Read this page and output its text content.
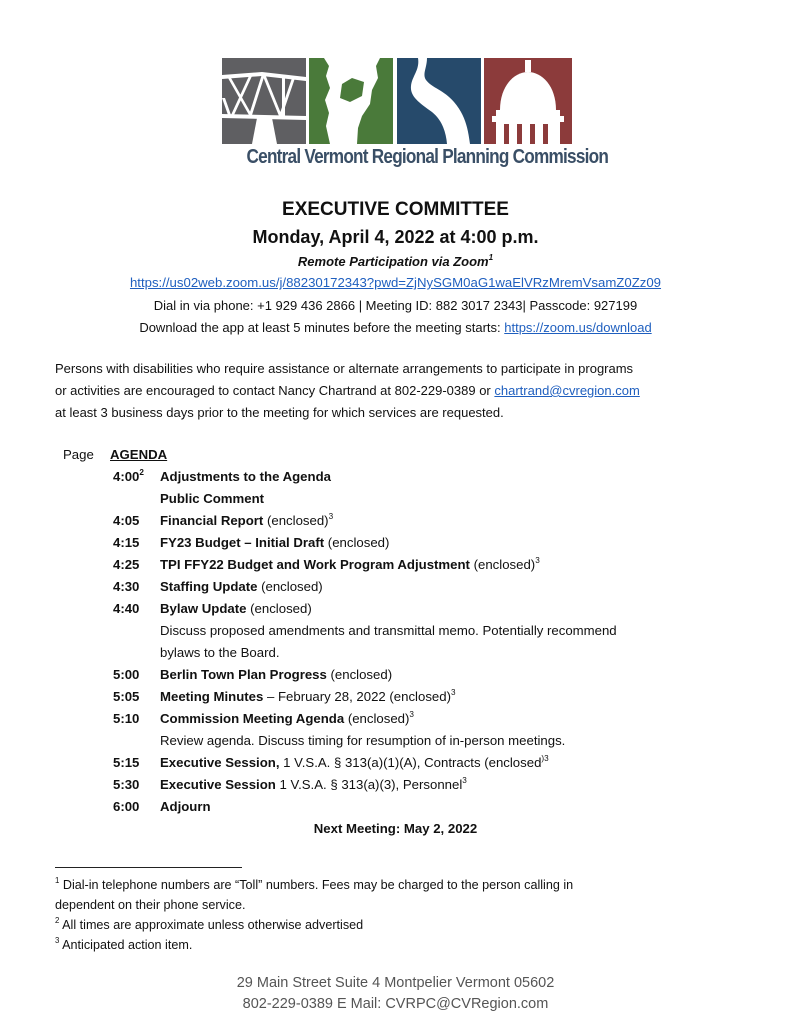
Central Vermont Regional Planning Commission
EXECUTIVE COMMITTEE
Monday, April 4, 2022 at 4:00 p.m.
Remote Participation via Zoom$^1$
https://us02web.zoom.us/j/88230172343?pwd=ZjNySGM0aG1waElVRzMremVsamZ0Zz09
Dial in via phone: +1 929 436 2866 | Meeting ID: 882 3017 2343| Passcode: 927199
Download the app at least 5 minutes before the meeting starts: https://zoom.us/download
Persons with disabilities who require assistance or alternate arrangements to participate in programs
or activities are encouraged to contact Nancy Chartrand at 802-229-0389 or chartrand@cvregion.com
at least 3 business days prior to the meeting for which services are requested.
Page AGENDA
$4:00^2$	Adjustments to the Agenda
Public Comment
4:05	Financial Report (enclosed)$^3$
4:15	FY23 Budget – Initial Draft (enclosed)
4:25	TPI FFY22 Budget and Work Program Adjustment (enclosed)$^3$
4:30	Staffing Update (enclosed)
4:40	Bylaw Update (enclosed)
Discuss proposed amendments and transmittal memo. Potentially recommend
bylaws to the Board.
5:00	Berlin Town Plan Progress (enclosed)
5:05	Meeting Minutes – February 28, 2022 (enclosed)$^3$
5:10	Commission Meeting Agenda (enclosed)$^3$
Review agenda. Discuss timing for resumption of in-person meetings.
5:15	Executive Session, 1 V.S.A. § 313(a)(1)(A), Contracts (enclosed$^{)3}$
5:30	Executive Session 1 V.S.A. § 313(a)(3), Personnel$^3$
6:00	Adjourn
Next Meeting: May 2, 2022
$^1$ Dial-in telephone numbers are “Toll” numbers. Fees may be charged to the person calling in
dependent on their phone service.
$^2$ All times are approximate unless otherwise advertised
$^3$ Anticipated action item.
29 Main Street Suite 4 Montpelier Vermont 05602
802-229-0389 E Mail: CVRPC@CVRegion.com
